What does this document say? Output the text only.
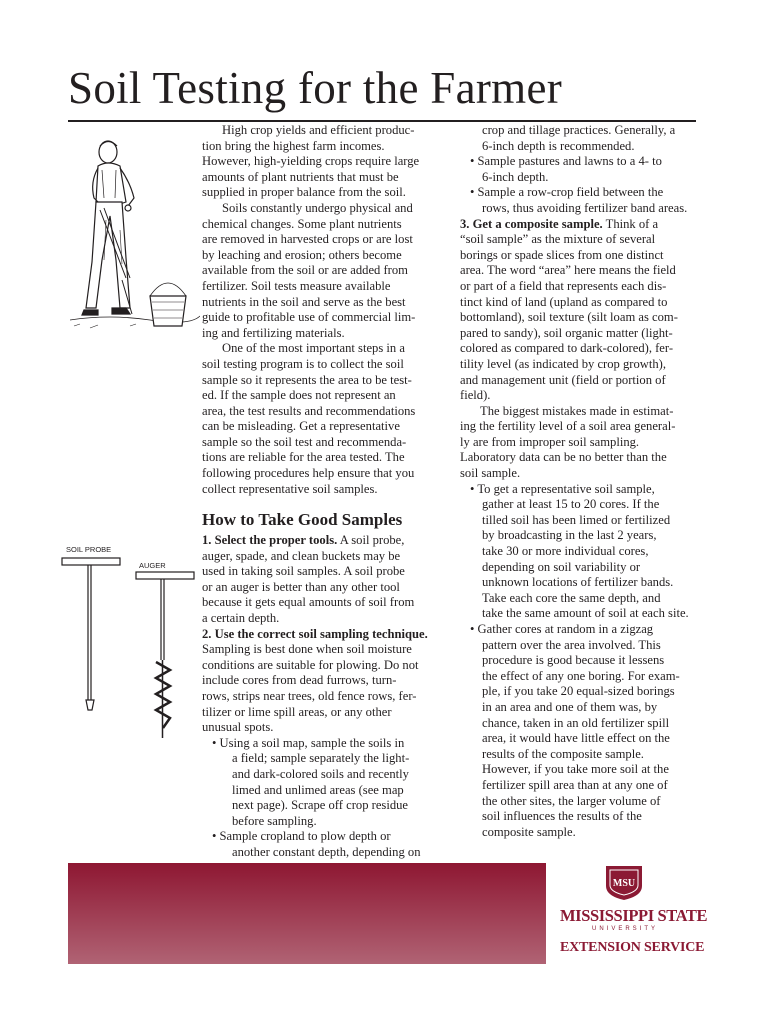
Soil Testing for the Farmer
High crop yields and efficient produc-
tion bring the highest farm incomes.
However, high-yielding crops require large
amounts of plant nutrients that must be
supplied in proper balance from the soil.
Soils constantly undergo physical and
chemical changes. Some plant nutrients
are removed in harvested crops or are lost
by leaching and erosion; others become
available from the soil or are added from
fertilizer. Soil tests measure available
nutrients in the soil and serve as the best
guide to profitable use of commercial lim-
ing and fertilizing materials.
One of the most important steps in a
soil testing program is to collect the soil
sample so it represents the area to be test-
ed. If the sample does not represent an
area, the test results and recommendations
can be misleading. Get a representative
sample so the soil test and recommenda-
tions are reliable for the area tested. The
following procedures help ensure that you
collect representative soil samples.
How to Take Good Samples
1. Select the proper tools. A soil probe,
auger, spade, and clean buckets may be
used in taking soil samples. A soil probe
or an auger is better than any other tool
because it gets equal amounts of soil from
a certain depth.
2. Use the correct soil sampling technique.
Sampling is best done when soil moisture
conditions are suitable for plowing. Do not
include cores from dead furrows, turn-
rows, strips near trees, old fence rows, fer-
tilizer or lime spill areas, or any other
unusual spots.
• Using a soil map, sample the soils in
a field; sample separately the light-
and dark-colored soils and recently
limed and unlimed areas (see map
next page). Scrape off crop residue
before sampling.
• Sample cropland to plow depth or
another constant depth, depending on
crop and tillage practices. Generally, a
6-inch depth is recommended.
• Sample pastures and lawns to a 4- to
6-inch depth.
• Sample a row-crop field between the
rows, thus avoiding fertilizer band areas.
3. Get a composite sample. Think of a
“soil sample” as the mixture of several
borings or spade slices from one distinct
area. The word “area” here means the field
or part of a field that represents each dis-
tinct kind of land (upland as compared to
bottomland), soil texture (silt loam as com-
pared to sandy), soil organic matter (light-
colored as compared to dark-colored), fer-
tility level (as indicated by crop growth),
and management unit (field or portion of
field).
The biggest mistakes made in estimat-
ing the fertility level of a soil area general-
ly are from improper soil sampling.
Laboratory data can be no better than the
soil sample.
• To get a representative soil sample,
gather at least 15 to 20 cores. If the
tilled soil has been limed or fertilized
by broadcasting in the last 2 years,
take 30 or more individual cores,
depending on soil variability or
unknown locations of fertilizer bands.
Take each core the same depth, and
take the same amount of soil at each site.
• Gather cores at random in a zigzag
pattern over the area involved. This
procedure is good because it lessens
the effect of any one boring. For exam-
ple, if you take 20 equal-sized borings
in an area and one of them was, by
chance, taken in an old fertilizer spill
area, it would have little effect on the
results of the composite sample.
However, if you take more soil at the
fertilizer spill area than at any one of
the other sites, the larger volume of
soil influences the results of the
composite sample.
SOIL PROBE
AUGER
MSU
MISSISSIPPI STATE
UNIVERSITY
EXTENSION SERVICE
